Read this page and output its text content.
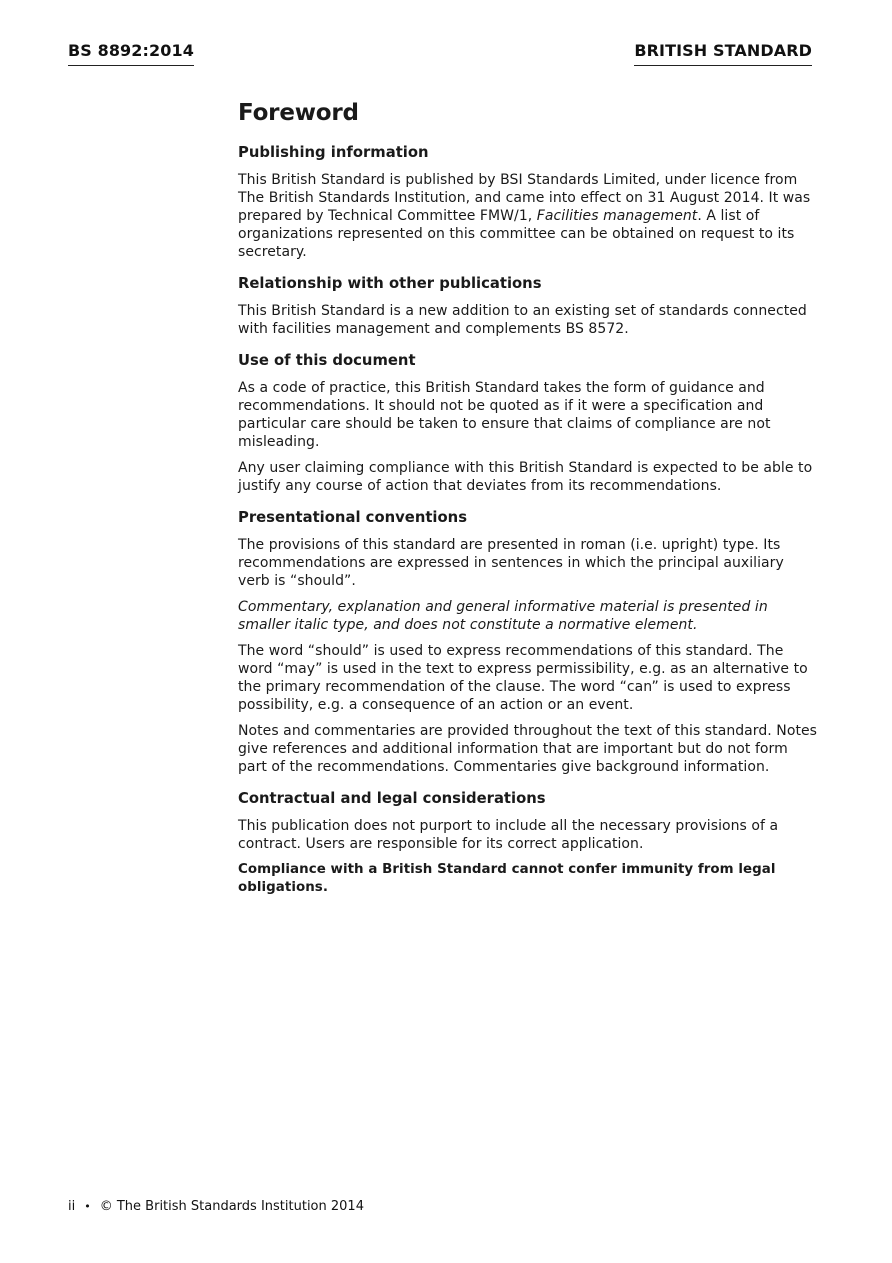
BS 8892:2014	BRITISH STANDARD
Foreword
Publishing information

This British Standard is published by BSI Standards Limited, under licence from The British Standards Institution, and came into effect on 31 August 2014. It was prepared by Technical Committee FMW/1, Facilities management. A list of organizations represented on this committee can be obtained on request to its secretary.

Relationship with other publications

This British Standard is a new addition to an existing set of standards connected with facilities management and complements BS 8572.

Use of this document

As a code of practice, this British Standard takes the form of guidance and recommendations. It should not be quoted as if it were a specification and particular care should be taken to ensure that claims of compliance are not misleading.

Any user claiming compliance with this British Standard is expected to be able to justify any course of action that deviates from its recommendations.

Presentational conventions

The provisions of this standard are presented in roman (i.e. upright) type. Its recommendations are expressed in sentences in which the principal auxiliary verb is “should”.

Commentary, explanation and general informative material is presented in smaller italic type, and does not constitute a normative element.

The word “should” is used to express recommendations of this standard. The word “may” is used in the text to express permissibility, e.g. as an alternative to the primary recommendation of the clause. The word “can” is used to express possibility, e.g. a consequence of an action or an event.

Notes and commentaries are provided throughout the text of this standard. Notes give references and additional information that are important but do not form part of the recommendations. Commentaries give background information.

Contractual and legal considerations

This publication does not purport to include all the necessary provisions of a contract. Users are responsible for its correct application.

Compliance with a British Standard cannot confer immunity from legal obligations.

ii • © The British Standards Institution 2014
